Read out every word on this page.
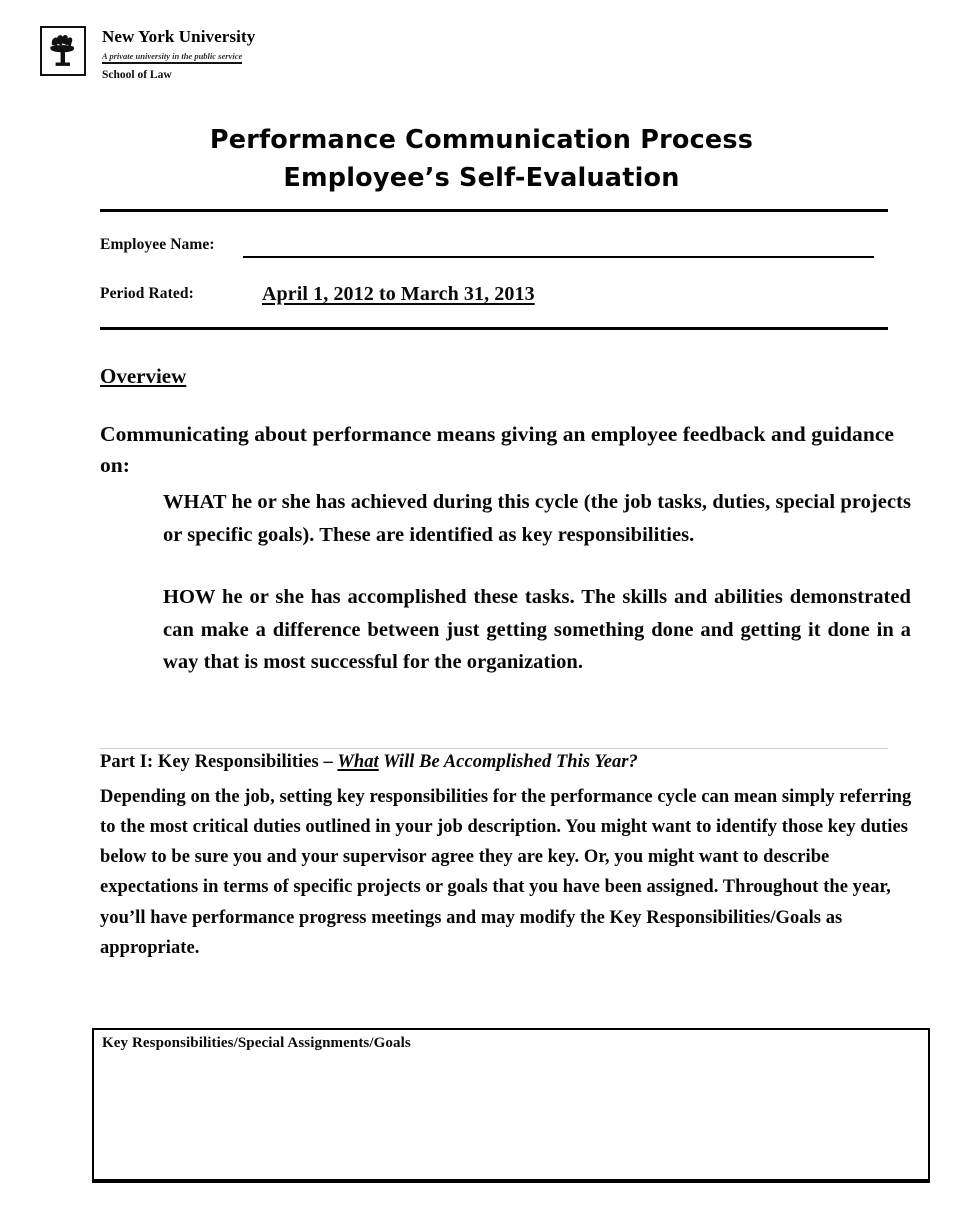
New York University
A private university in the public service
School of Law
Performance Communication Process
Employee’s Self-Evaluation
Employee Name:
Period Rated:	April 1, 2012 to March 31, 2013
Overview
Communicating about performance means giving an employee feedback and guidance on:
WHAT he or she has achieved during this cycle (the job tasks, duties, special projects or specific goals). These are identified as key responsibilities.
HOW he or she has accomplished these tasks. The skills and abilities demonstrated can make a difference between just getting something done and getting it done in a way that is most successful for the organization.
Part I: Key Responsibilities – What Will Be Accomplished This Year?
Depending on the job, setting key responsibilities for the performance cycle can mean simply referring to the most critical duties outlined in your job description. You might want to identify those key duties below to be sure you and your supervisor agree they are key. Or, you might want to describe expectations in terms of specific projects or goals that you have been assigned. Throughout the year, you’ll have performance progress meetings and may modify the Key Responsibilities/Goals as appropriate.
Key Responsibilities/Special Assignments/Goals
